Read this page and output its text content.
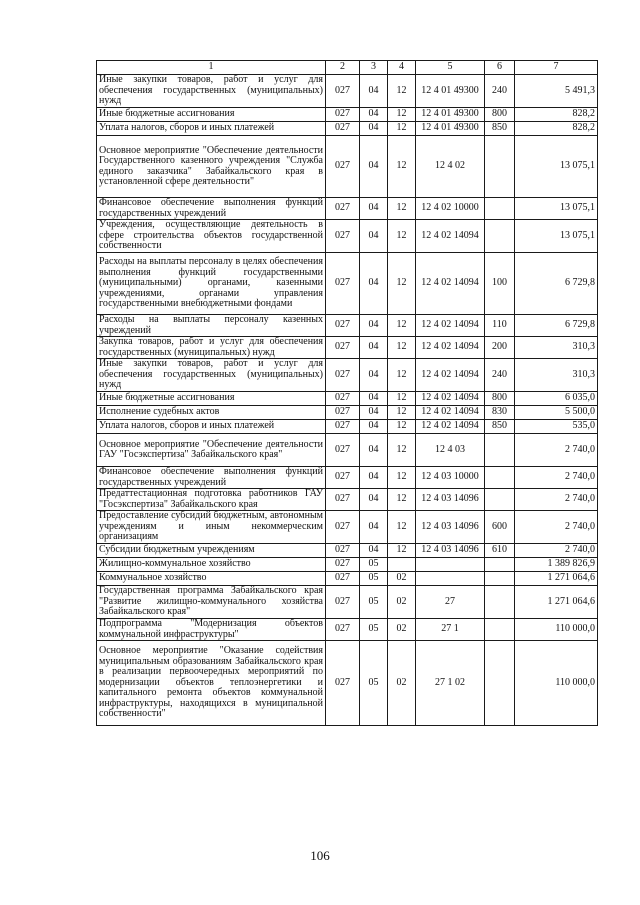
1	2	3	4	5	6	7
Иные закупки товаров, работ и услуг для обеспечения государственных (муниципальных) нужд	027	04	12	12 4 01 49300	240	5 491,3
Иные бюджетные ассигнования	027	04	12	12 4 01 49300	800	828,2
Уплата налогов, сборов и иных платежей	027	04	12	12 4 01 49300	850	828,2
Основное мероприятие "Обеспечение деятельности Государственного казенного учреждения "Служба единого заказчика" Забайкальского края в установленной сфере деятельности"	027	04	12	12 4 02		13 075,1
Финансовое обеспечение выполнения функций государственных учреждений	027	04	12	12 4 02 10000		13 075,1
Учреждения, осуществляющие деятельность в сфере строительства объектов государственной собственности	027	04	12	12 4 02 14094		13 075,1
Расходы на выплаты персоналу в целях обеспечения выполнения функций государственными (муниципальными) органами, казенными учреждениями, органами управления государственными внебюджетными фондами	027	04	12	12 4 02 14094	100	6 729,8
Расходы на выплаты персоналу казенных учреждений	027	04	12	12 4 02 14094	110	6 729,8
Закупка товаров, работ и услуг для обеспечения государственных (муниципальных) нужд	027	04	12	12 4 02 14094	200	310,3
Иные закупки товаров, работ и услуг для обеспечения государственных (муниципальных) нужд	027	04	12	12 4 02 14094	240	310,3
Иные бюджетные ассигнования	027	04	12	12 4 02 14094	800	6 035,0
Исполнение судебных актов	027	04	12	12 4 02 14094	830	5 500,0
Уплата налогов, сборов и иных платежей	027	04	12	12 4 02 14094	850	535,0
Основное мероприятие "Обеспечение деятельности ГАУ "Госэкспертиза" Забайкальского края"	027	04	12	12 4 03		2 740,0
Финансовое обеспечение выполнения функций государственных учреждений	027	04	12	12 4 03 10000		2 740,0
Предаттестационная подготовка работников ГАУ "Госэкспертиза" Забайкальского края	027	04	12	12 4 03 14096		2 740,0
Предоставление субсидий бюджетным, автономным учреждениям и иным некоммерческим организациям	027	04	12	12 4 03 14096	600	2 740,0
Субсидии бюджетным учреждениям	027	04	12	12 4 03 14096	610	2 740,0
Жилищно-коммунальное хозяйство	027	05				1 389 826,9
Коммунальное хозяйство	027	05	02			1 271 064,6
Государственная программа Забайкальского края "Развитие жилищно-коммунального хозяйства Забайкальского края"	027	05	02	27		1 271 064,6
Подпрограмма "Модернизация объектов коммунальной инфраструктуры"	027	05	02	27 1		110 000,0
Основное мероприятие "Оказание содействия муниципальным образованиям Забайкальского края в реализации первоочередных мероприятий по модернизации объектов теплоэнергетики и капитального ремонта объектов коммунальной инфраструктуры, находящихся в муниципальной собственности"	027	05	02	27 1 02		110 000,0
106
